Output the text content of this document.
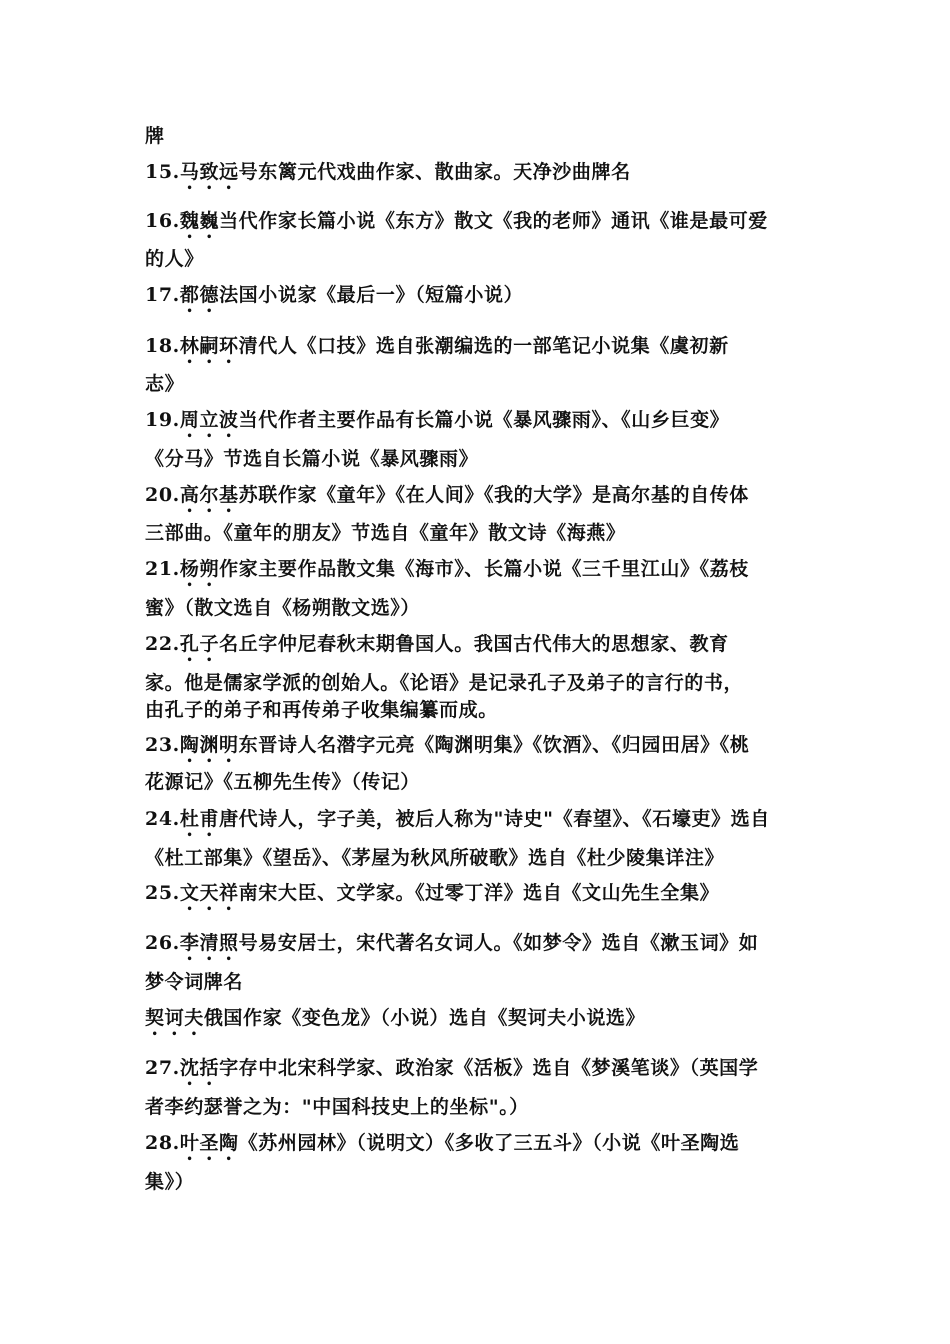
牌
15.马致远号东篱元代戏曲作家、散曲家。天净沙曲牌名
16.魏巍当代作家长篇小说《东方》散文《我的老师》通讯《谁是最可爱
的人》
17.都德法国小说家《最后一》（短篇小说）
18.林嗣环清代人《口技》选自张潮编选的一部笔记小说集《虞初新
志》
19.周立波当代作者主要作品有长篇小说《暴风骤雨》、《山乡巨变》
《分马》节选自长篇小说《暴风骤雨》
20.高尔基苏联作家《童年》《在人间》《我的大学》是高尔基的自传体
三部曲。《童年的朋友》节选自《童年》散文诗《海燕》
21.杨朔作家主要作品散文集《海市》、长篇小说《三千里江山》《荔枝
蜜》（散文选自《杨朔散文选》）
22.孔子名丘字仲尼春秋末期鲁国人。我国古代伟大的思想家、教育
家。他是儒家学派的创始人。《论语》是记录孔子及弟子的言行的书，
由孔子的弟子和再传弟子收集编纂而成。
23.陶渊明东晋诗人名潜字元亮《陶渊明集》《饮酒》、《归园田居》《桃
花源记》《五柳先生传》（传记）
24.杜甫唐代诗人，字子美，被后人称为"诗史"《春望》、《石壕吏》选自
《杜工部集》《望岳》、《茅屋为秋风所破歌》选自《杜少陵集详注》
25.文天祥南宋大臣、文学家。《过零丁洋》选自《文山先生全集》
26.李清照号易安居士，宋代著名女词人。《如梦令》选自《漱玉词》如
梦令词牌名
契诃夫俄国作家《变色龙》（小说）选自《契诃夫小说选》
27.沈括字存中北宋科学家、政治家《活板》选自《梦溪笔谈》（英国学
者李约瑟誉之为："中国科技史上的坐标"。）
28.叶圣陶《苏州园林》（说明文）《多收了三五斗》（小说《叶圣陶选
集》）
